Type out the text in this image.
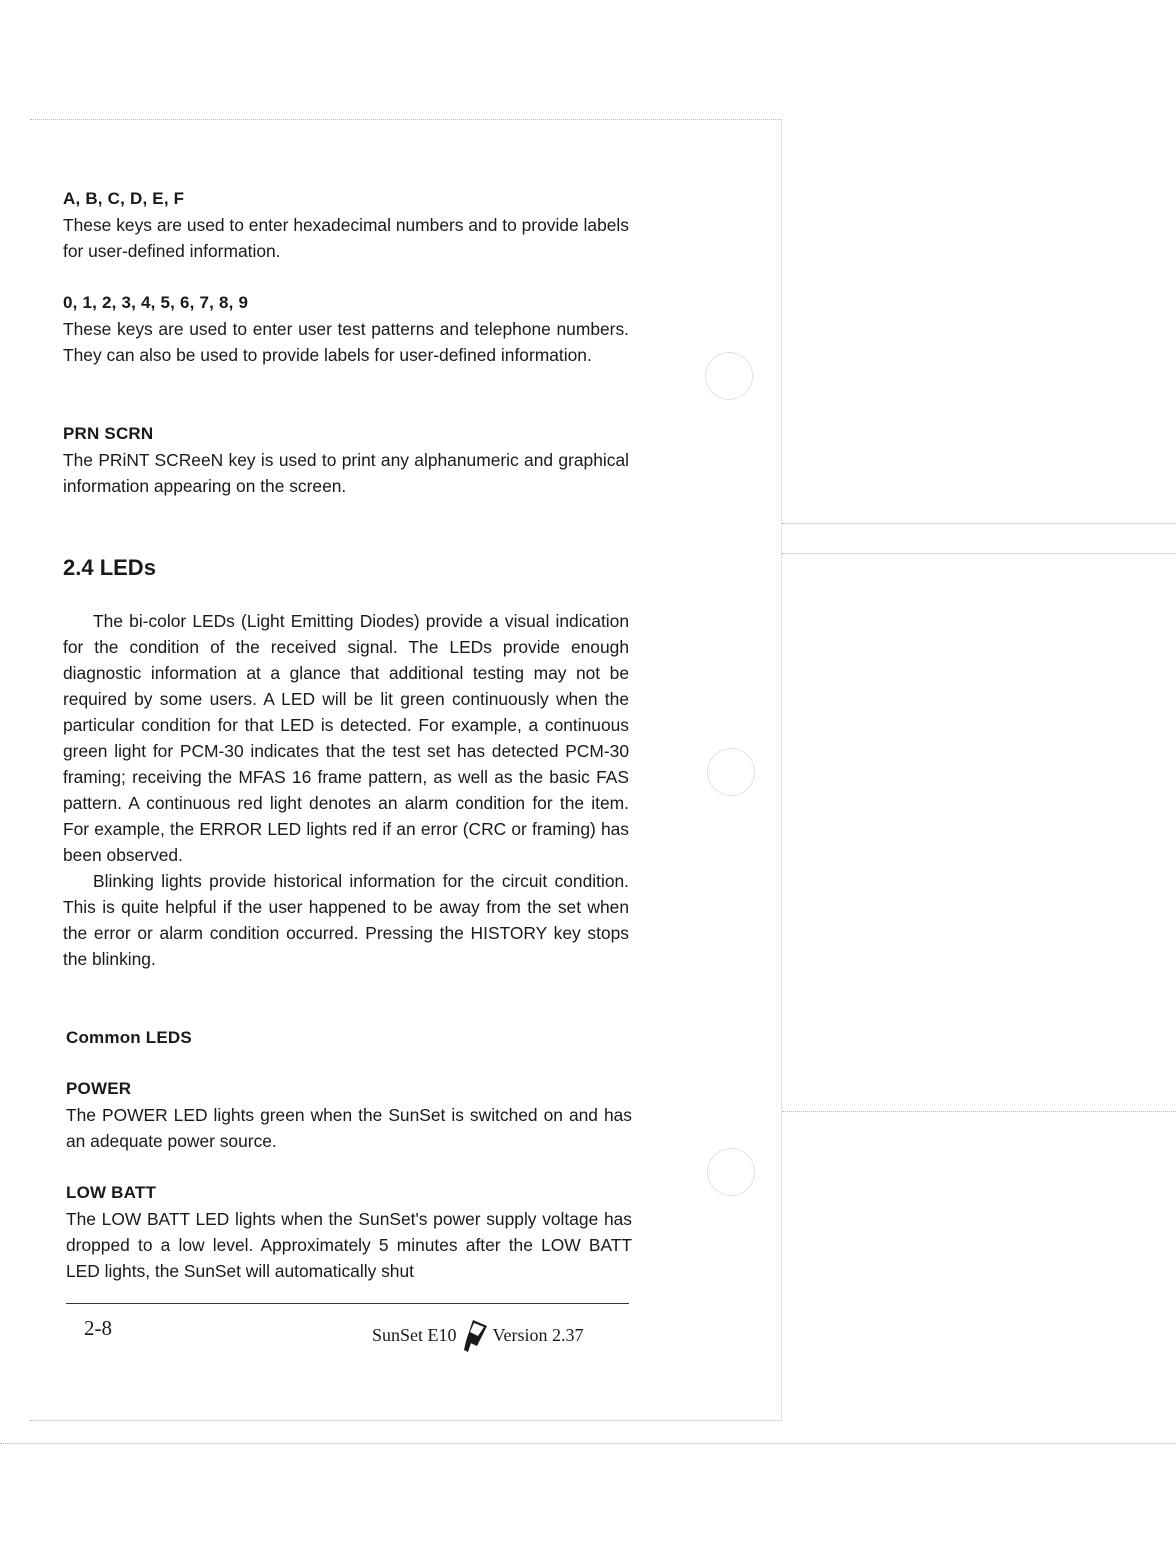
A, B, C, D, E, F

These keys are used to enter hexadecimal numbers and to provide labels for user-defined information.

0, 1, 2, 3, 4, 5, 6, 7, 8, 9

These keys are used to enter user test patterns and telephone numbers. They can also be used to provide labels for user-defined information.

PRN SCRN

The PRiNT SCReeN key is used to print any alphanumeric and graphical information appearing on the screen.

2.4 LEDs

The bi-color LEDs (Light Emitting Diodes) provide a visual indication for the condition of the received signal. The LEDs provide enough diagnostic information at a glance that additional testing may not be required by some users. A LED will be lit green continuously when the particular condition for that LED is detected. For example, a continuous green light for PCM-30 indicates that the test set has detected PCM-30 framing; receiving the MFAS 16 frame pattern, as well as the basic FAS pattern. A continuous red light denotes an alarm condition for the item. For example, the ERROR LED lights red if an error (CRC or framing) has been observed.

Blinking lights provide historical information for the circuit condition. This is quite helpful if the user happened to be away from the set when the error or alarm condition occurred. Pressing the HISTORY key stops the blinking.

Common LEDS

POWER

The POWER LED lights green when the SunSet is switched on and has an adequate power source.

LOW BATT

The LOW BATT LED lights when the SunSet's power supply voltage has dropped to a low level. Approximately 5 minutes after the LOW BATT LED lights, the SunSet will automatically shut

2-8	SunSet E10 Version 2.37
